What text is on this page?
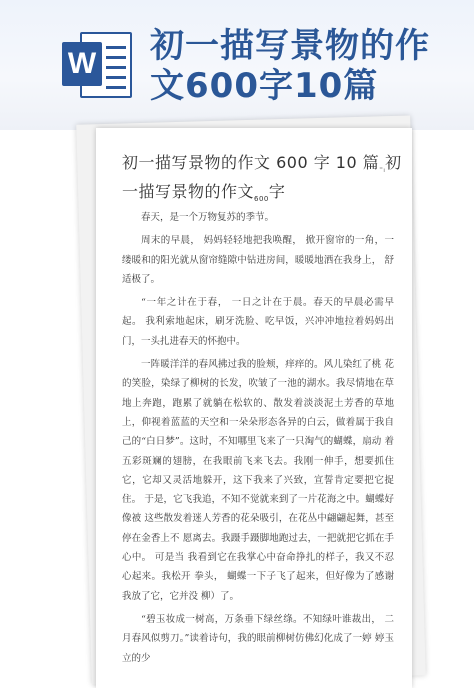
W 初一描写景物的作文600字10篇
初一描写景物的作文 600 字 10 篇$_{^=_l}$初一描写景物的作文$_{600}$字

春天，是一个万物复苏的季节。

周末的早晨， 妈妈轻轻地把我唤醒， 掀开窗帘的一角，一缕暖和的阳光就从窗帘缝隙中钻进房间，暖暖地洒在我身上， 舒适极了。

“一年之计在于春， 一日之计在于晨。春天的早晨必需早起。 我利索地起床，刷牙洗脸、吃早饭，兴冲冲地拉着妈妈出门，一头扎进春天的怀抱中。

一阵暖洋洋的春风拂过我的脸颊，痒痒的。风儿染红了桃 花的笑脸，染绿了柳树的长发，吹皱了一池的湖水。我尽情地在草地上奔跑，跑累了就躺在松软的、散发着淡淡泥土芳香的草地 上，仰视着蓝蓝的天空和一朵朵形态各异的白云，做着属于我自 己的“白日梦”。这时，不知哪里飞来了一只淘气的蝴蝶，扇动 着五彩斑斓的翅膀，在我眼前飞来飞去。我刚一伸手，想要抓住 它，它却又灵活地躲开，这下我来了兴致，宣誓肯定要把它捉住。 于是，它飞我追，不知不觉就来到了一片花海之中。蝴蝶好像被 这些散发着迷人芳香的花朵吸引，在花丛中翩翩起舞，甚至停在金香上不 愿离去。我蹑手蹑脚地跑过去，一把就把它抓在手心中。 可是当 我看到它在我掌心中奋命挣扎的样子，我又不忍心起来。我松开 拳头， 蝴蝶一下子飞了起来，但好像为了感谢我放了它，它并没 柳）了。

“碧玉妆成一树高，万条垂下绿丝绦。不知绿叶谁裁出， 二月春风似剪刀。”读着诗句，我的眼前柳树仿佛幻化成了一婷 婷玉立的少
